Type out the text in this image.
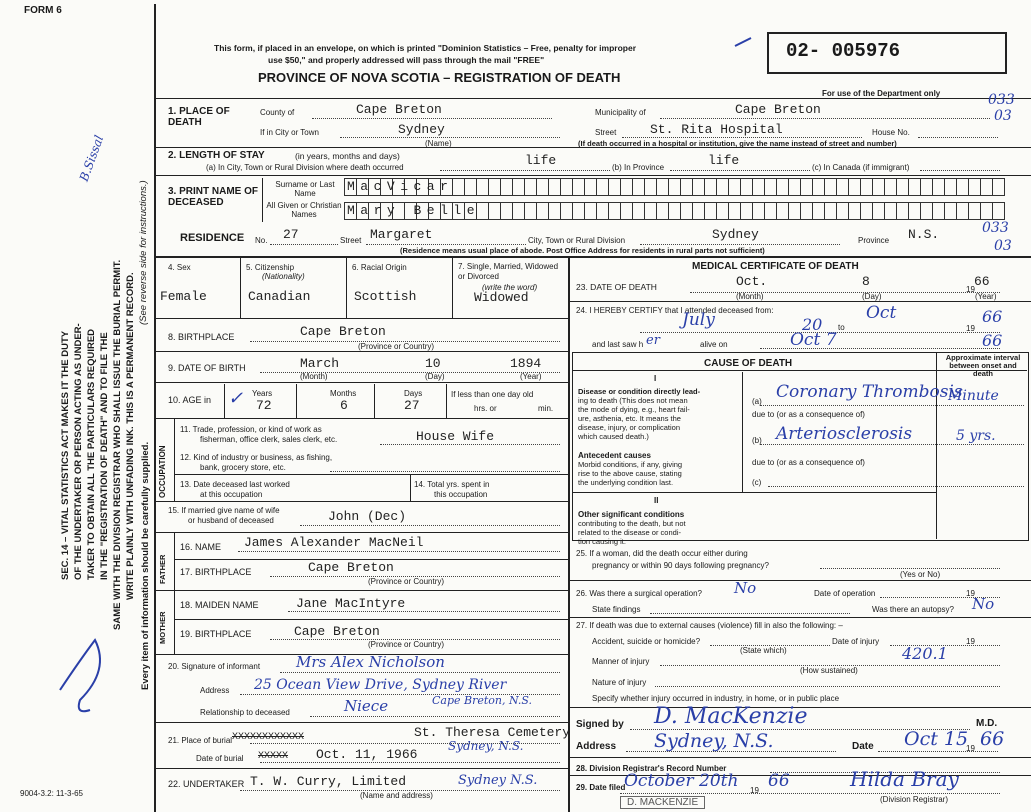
FORM 6
SEC. 14 – VITAL STATISTICS ACT MAKES IT THE DUTY OF THE UNDERTAKER OR PERSON ACTING AS UNDER- TAKER TO OBTAIN ALL THE PARTICULARS REQUIRED IN THE "REGISTRATION OF DEATH" AND TO FILE THE SAME WITH THE DIVISION REGISTRAR WHO SHALL ISSUE THE BURIAL PERMIT. WRITE PLAINLY WITH UNFADING INK. THIS IS A PERMANENT RECORD.
(See reverse side for instructions.)
Every item of information should be carefully supplied.
B.Sissal
9004-3.2: 11-3-65
This form, if placed in an envelope, on which is printed "Dominion Statistics – Free, penalty for improper
use $50," and properly addressed will pass through the mail "FREE"
PROVINCE OF NOVA SCOTIA – REGISTRATION OF DEATH
02- 005976
For use of the Department only
1. PLACE OF DEATH
County of	Cape Breton	Municipality of	Cape Breton
033
03
If in City or Town	Sydney
(Name)
Street	St. Rita Hospital	House No.
(If death occurred in a hospital or institution, give the name instead of street and number)
2. LENGTH OF STAY	(in years, months and days)
(a) In City, Town or Rural Division where death occurred	life	(b) In Province	life	(c) In Canada (if immigrant)
3. PRINT NAME OF DECEASED
Surname or Last Name
All Given or Christian Names
MacVicar
Mary Belle
RESIDENCE No. 27	Street Margaret	City, Town or Rural Division	Sydney	Province N.S.	033
03
(Residence means usual place of abode. Post Office Address for residents in rural parts not sufficient)
4. Sex
Female
5. Citizenship
(Nationality)
Canadian
6. Racial Origin
Scottish
7. Single, Married, Widowed or Divorced
(write the word)
Widowed
8. BIRTHPLACE	Cape Breton
(Province or Country)
9. DATE OF BIRTH	March	10	1894
(Month)	(Day)	(Year)
10. AGE in ✓ Years
72
Months
6
Days
27
If less than one day old
hrs. or	min.
OCCUPATION
11. Trade, profession, or kind of work as
fisherman, office clerk, sales clerk, etc.	House Wife
12. Kind of industry or business, as fishing,
bank, grocery store, etc.
13. Date deceased last worked
at this occupation
14. Total yrs. spent in
this occupation
15. If married give name of wife
or husband of deceased	John (Dec)
FATHER
16. NAME James Alexander MacNeil
17. BIRTHPLACE	Cape Breton
(Province or Country)
MOTHER
18. MAIDEN NAME	Jane MacIntyre
19. BIRTHPLACE	Cape Breton
(Province or Country)
20. Signature of informant Mrs Alex Nicholson
Address 25 Ocean View Drive, Sydney River
Cape Breton, N.S.
Relationship to deceased	Niece
21. Place of burial XXXXXXXXXXXX	St. Theresa Cemetery
Sydney, N.S.
Date of burial XXXXX Oct. 11, 1966
22. UNDERTAKER T. W. Curry, Limited	Sydney N.S.
(Name and address)
MEDICAL CERTIFICATE OF DEATH
23. DATE OF DEATH	Oct.	8
19
66
(Month)	(Day)	(Year)
24. I HEREBY CERTIFY that I attended deceased from:
July	20 to
Oct
19
66
and last saw h er	alive on	Oct 7	66
CAUSE OF DEATH
Approximate interval between onset and death
I
Disease or condition directly lead-
ing to death (This does not mean
the mode of dying, e.g., heart fail-
ure, asthenia, etc. It means the
disease, injury, or complication
which caused death.)
(a) Coronary Thrombosis
Minute
due to (or as a consequence of)
(b) Arteriosclerosis	5 yrs.
Antecedent causes
Morbid conditions, if any, giving
rise to the above cause, stating
the underlying condition last.
due to (or as a consequence of)
(c)
II
Other significant conditions
contributing to the death, but not
related to the disease or condi-
tion causing it.
25. If a woman, did the death occur either during
pregnancy or within 90 days following pregnancy?
(Yes or No)
26. Was there a surgical operation? No	Date of operation	19
State findings	Was there an autopsy? No
27. If death was due to external causes (violence) fill in also the following: –
Accident, suicide or homicide?
(State which)
Date of injury	19
Manner of injury	420.1
(How sustained)
Nature of injury
Specify whether injury occurred in industry, in home, or in public place
Signed by D. MacKenzie	M.D.
Address Sydney, N.S.	Date Oct 15
19 66
28. Division Registrar's Record Number
29. Date filed
October 20th 19 66	Hilda Bray
(Division Registrar)
D. MACKENZIE
